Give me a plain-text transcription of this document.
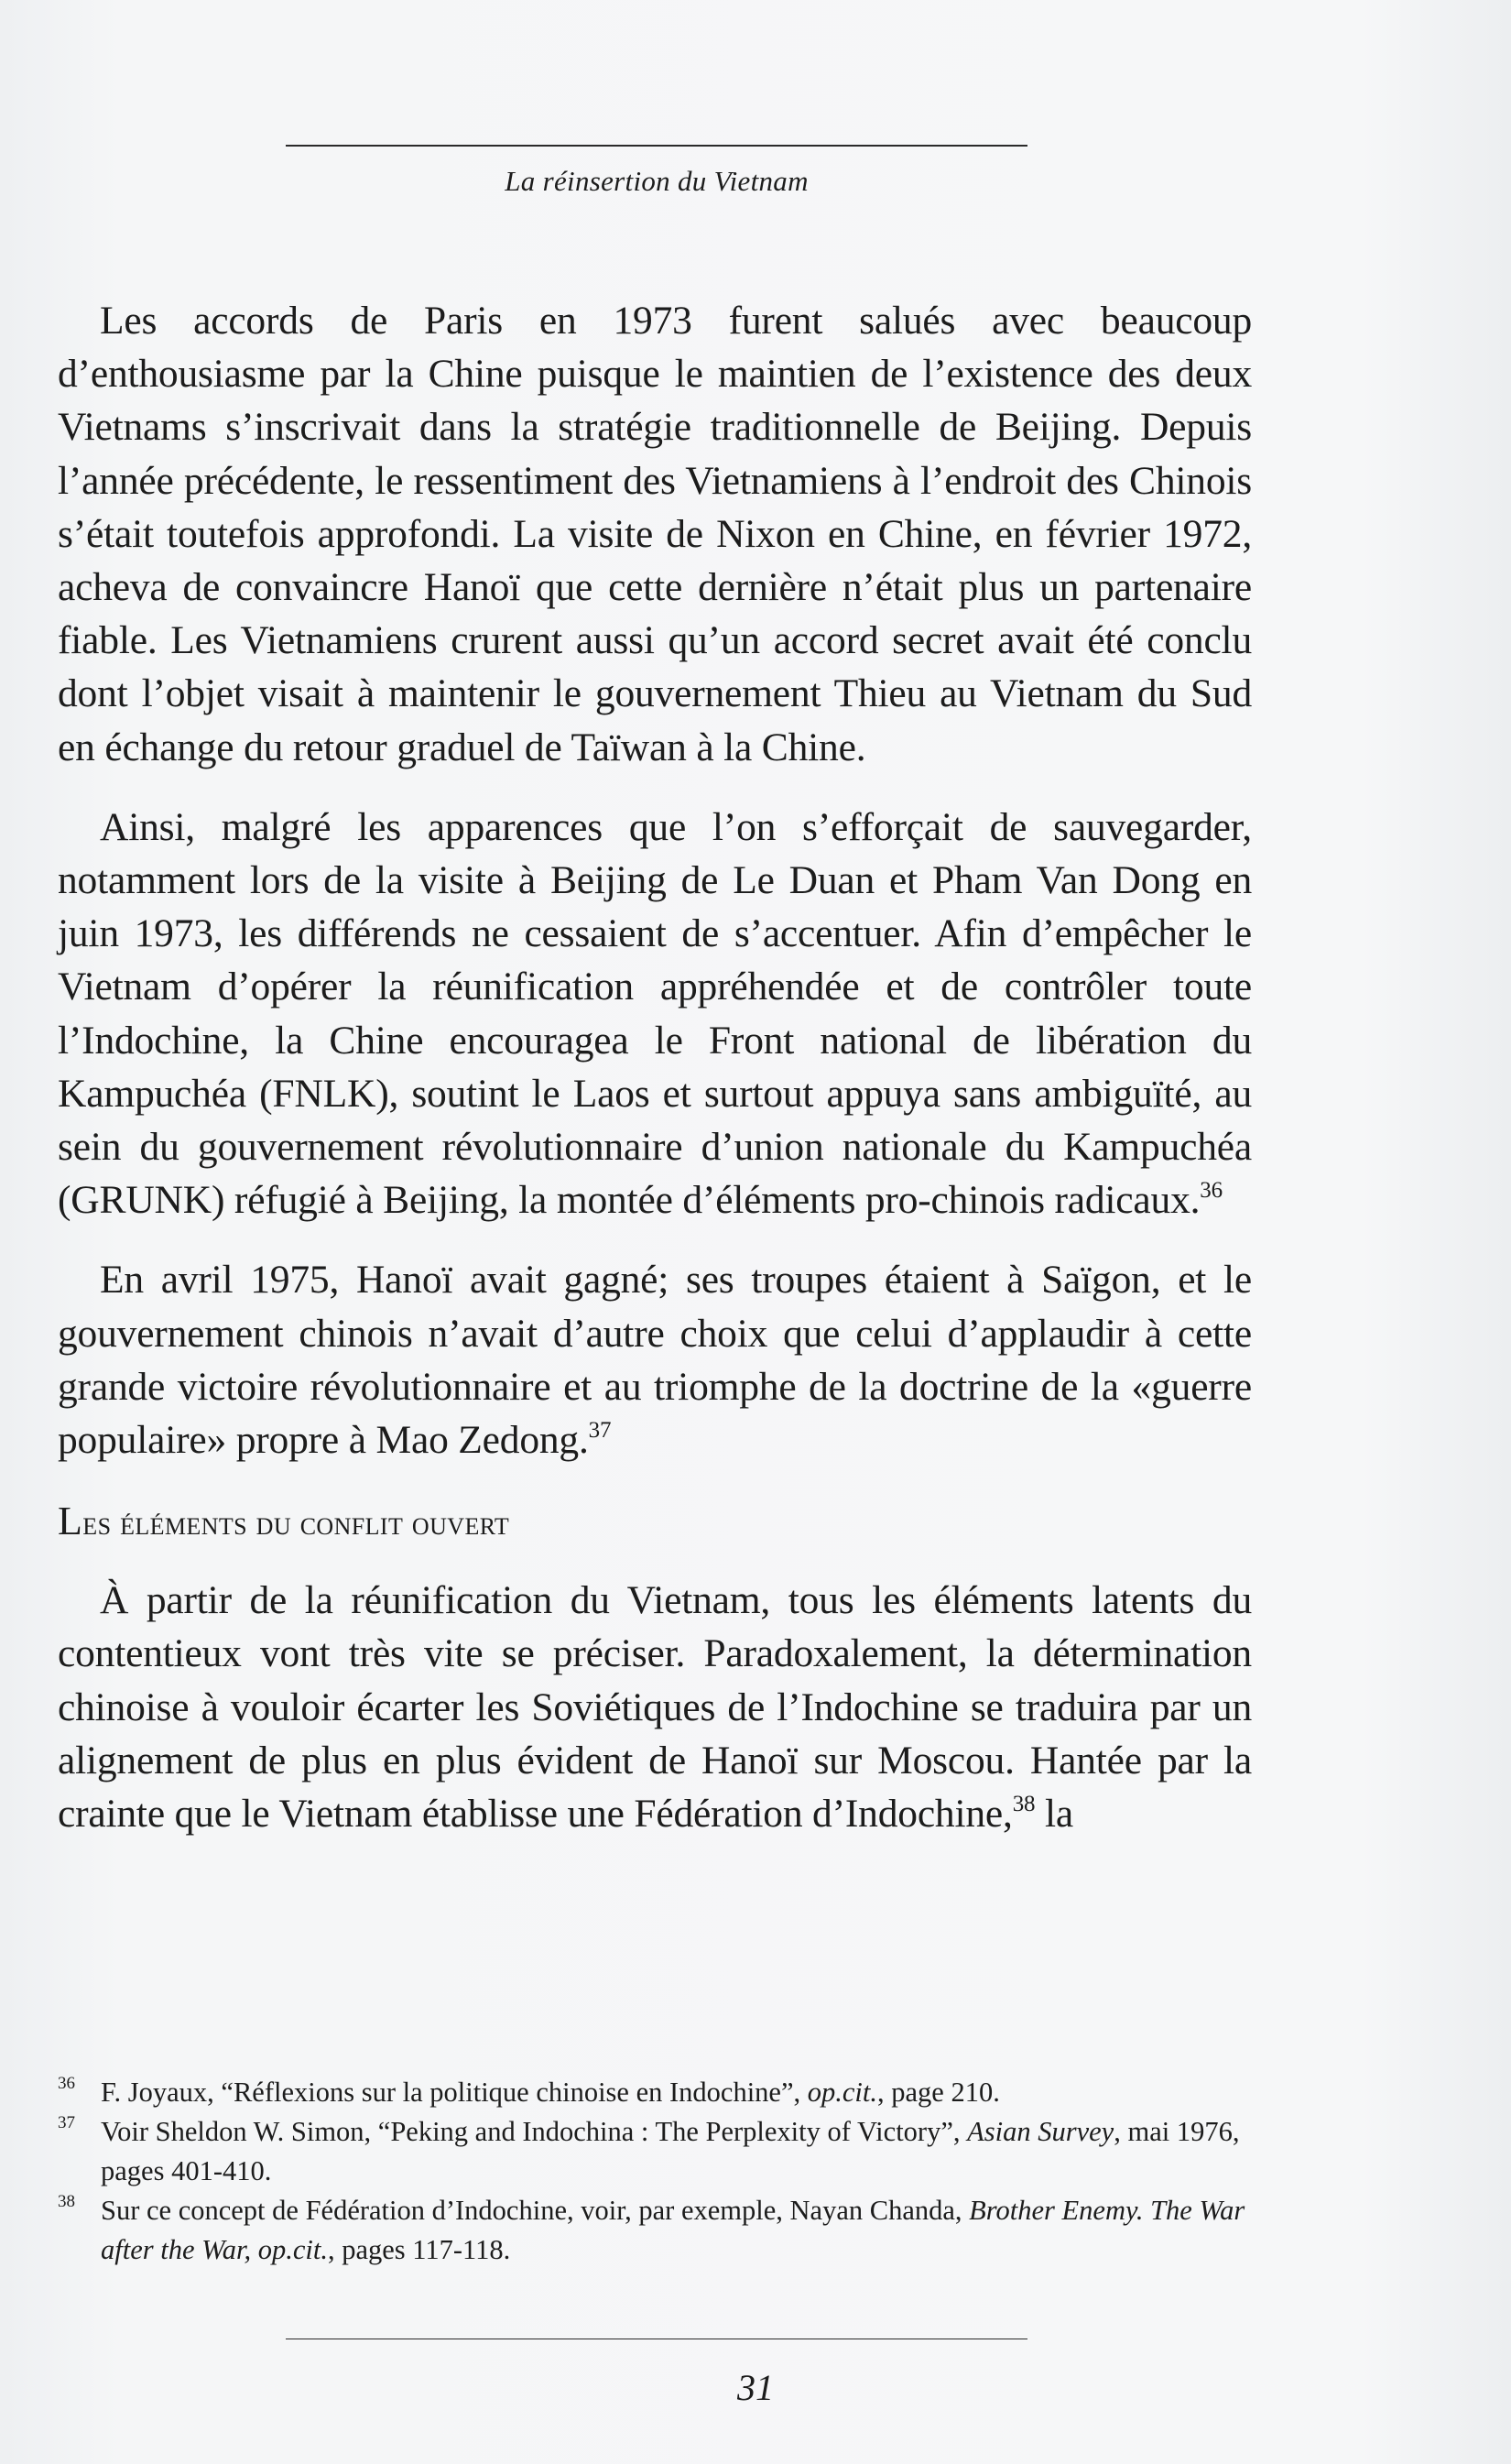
La réinsertion du Vietnam

Les accords de Paris en 1973 furent salués avec beaucoup d’enthousiasme par la Chine puisque le maintien de l’existence des deux Vietnams s’inscrivait dans la stratégie traditionnelle de Beijing. Depuis l’année précédente, le ressentiment des Vietnamiens à l’endroit des Chinois s’était toutefois approfondi. La visite de Nixon en Chine, en février 1972, acheva de convaincre Hanoï que cette dernière n’était plus un partenaire fiable. Les Vietnamiens crurent aussi qu’un accord secret avait été conclu dont l’objet visait à maintenir le gouvernement Thieu au Vietnam du Sud en échange du retour graduel de Taïwan à la Chine.

Ainsi, malgré les apparences que l’on s’efforçait de sauvegarder, notamment lors de la visite à Beijing de Le Duan et Pham Van Dong en juin 1973, les différends ne cessaient de s’accentuer. Afin d’empêcher le Vietnam d’opérer la réunification appréhendée et de contrôler toute l’Indochine, la Chine encouragea le Front national de libération du Kampuchéa (FNLK), soutint le Laos et surtout appuya sans ambiguïté, au sein du gouvernement révolutionnaire d’union nationale du Kampuchéa (GRUNK) réfugié à Beijing, la montée d’éléments pro-chinois radicaux.$^{36}$

En avril 1975, Hanoï avait gagné; ses troupes étaient à Saïgon, et le gouvernement chinois n’avait d’autre choix que celui d’applaudir à cette grande victoire révolutionnaire et au triomphe de la doctrine de la «guerre populaire» propre à Mao Zedong.$^{37}$

Les éléments du conflit ouvert

À partir de la réunification du Vietnam, tous les éléments latents du contentieux vont très vite se préciser. Paradoxalement, la détermination chinoise à vouloir écarter les Soviétiques de l’Indochine se traduira par un alignement de plus en plus évident de Hanoï sur Moscou. Hantée par la crainte que le Vietnam établisse une Fédération d’Indochine,$^{38}$ la

36 F. Joyaux, “Réflexions sur la politique chinoise en Indochine”, op.cit., page 210.
37 Voir Sheldon W. Simon, “Peking and Indochina : The Perplexity of Victory”, Asian Survey, mai 1976, pages 401-410.
38 Sur ce concept de Fédération d’Indochine, voir, par exemple, Nayan Chanda, Brother Enemy. The War after the War, op.cit., pages 117-118.
31
